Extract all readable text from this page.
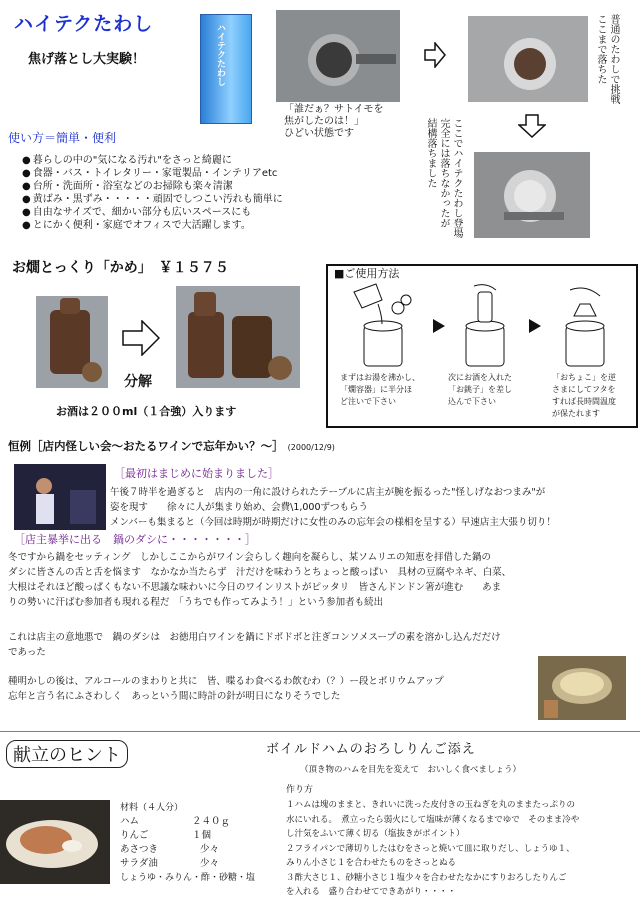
ハイテクたわし
焦げ落とし大実験！	ハイテクたわし
「誰だぁ？サトイモを
焦がしたのは！」
ひどい状態です
普通のたわしで挑戦
ここまで落ちた
ここでハイテクたわし登場
完全には落ちなかったが
結構落ちました
使い方＝簡単・便利
● 暮らしの中の"気になる汚れ"をさっと綺麗に
● 食器・バス・トイレタリー・家電製品・インテリアetc
● 台所・洗面所・浴室などのお掃除も楽々清潔
● 黄ばみ・黒ずみ・・・・・頑固でしつこい汚れも簡単に
● 自由なサイズで、細かい部分も広いスペースにも
● とにかく便利・家庭でオフィスで大活躍します。
お燗とっくり「かめ」　￥１５７５
分解
お酒は２００ml（１合強）入ります
■ご使用方法
まずはお湯を沸かし、
「燗容器」に半分ほ
ど注いで下さい
次にお酒を入れた
「お銚子」を差し
込んで下さい
「おちょこ」を逆
さまにしてフタを
すれば長時間温度
が保たれます
恒例［店内怪しい会〜おたるワインで忘年かい？〜］ (2000/12/9)
［最初はまじめに始まりました］
午後７時半を過ぎると　店内の一角に設けられたテーブルに店主が腕を振るった"怪しげなおつまみ"が
姿を現す　　徐々に人が集まり始め、会費\1,000ずつもらう
メンバーも集まると（今回は時期が時期だけに女性のみの忘年会の様相を呈する）早速店主大張り切り！
［店主暴挙に出る　鍋のダシに・・・・・・・］
冬ですから鍋をセッティング　しかしここからがワイン会らしく趣向を凝らし、某ソムリエの知恵を拝借した鍋の
ダシに皆さんの舌と舌を悩ます　なかなか当たらず　汁だけを味わうとちょっと酸っぱい　具材の豆腐やネギ、白菜、
大根はそれほど酸っぱくもない不思議な味わいに今日のワインリストがピッタリ　皆さんドンドン箸が進む　　あま
りの勢いに汗ばむ参加者も現れる程だ　「うちでも作ってみよう！」という参加者も続出
これは店主の意地悪で　鍋のダシは　お徳用白ワインを鍋にドボドボと注ぎコンソメスープの素を溶かし込んだだけ
であった
種明かしの後は、アルコールのまわりと共に　皆、喋るわ食べるわ飲むわ（？）ー段とボリウムアップ
忘年と言う名にふさわしく　あっという間に時計の針が明日になりそうでした
献立のヒント	ボイルドハムのおろしりんご添え
（頂き物のハムを目先を変えて　おいしく食べましょう）
材料（４人分）
ハム	２４０ｇ
りんご	１個
あさつき	少々
サラダ油	少々
しょうゆ・みりん・酢・砂糖・塩
作り方
１ハムは塊のままと、きれいに洗った皮付きの玉ねぎを丸のままたっぷりの
水にいれる。　煮立ったら弱火にして塩味が薄くなるまでゆで　そのまま冷や
し汁気をふいて薄く切る（塩抜きがポイント）
２フライパンで薄切りしたはむをさっと焼いて皿に取りだし、しょうゆ１、
みりん小さじ１を合わせたものをさっとぬる
３酢大さじ１、砂糖小さじ１塩少々を合わせたなかにすりおろしたりんご
を入れる　盛り合わせてできあがり・・・・
